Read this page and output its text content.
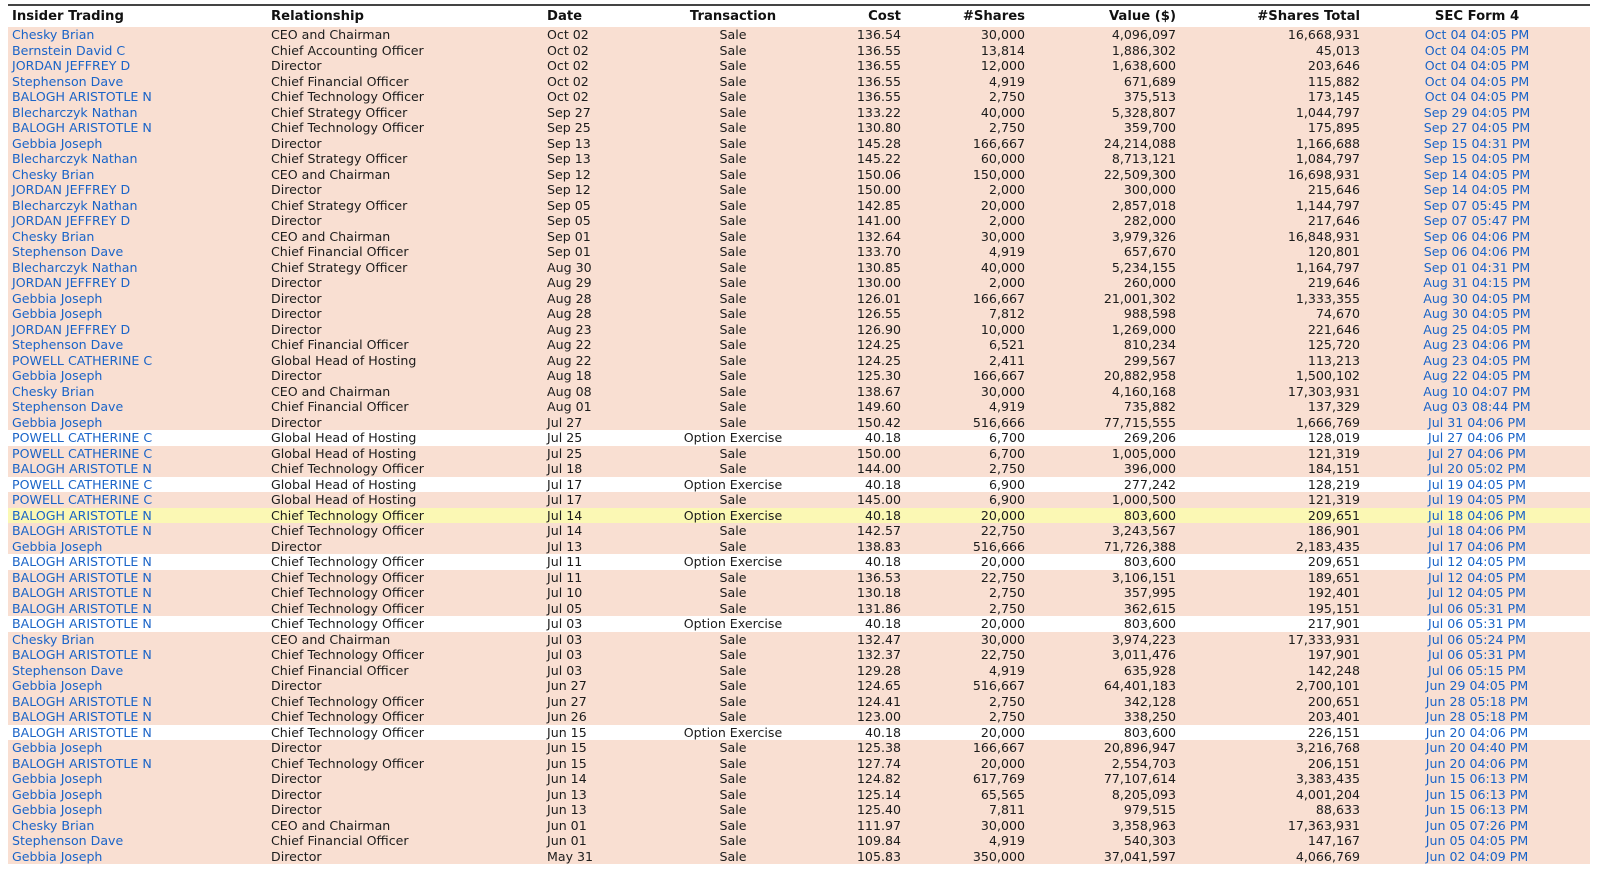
Insider Trading	Relationship	Date	Transaction	Cost	#Shares	Value ($)	#Shares Total	SEC Form 4
Chesky Brian	CEO and Chairman	Oct 02	Sale	136.54	30,000	4,096,097	16,668,931	Oct 04 04:05 PM
Bernstein David C	Chief Accounting Officer	Oct 02	Sale	136.55	13,814	1,886,302	45,013	Oct 04 04:05 PM
JORDAN JEFFREY D	Director	Oct 02	Sale	136.55	12,000	1,638,600	203,646	Oct 04 04:05 PM
Stephenson Dave	Chief Financial Officer	Oct 02	Sale	136.55	4,919	671,689	115,882	Oct 04 04:05 PM
BALOGH ARISTOTLE N	Chief Technology Officer	Oct 02	Sale	136.55	2,750	375,513	173,145	Oct 04 04:05 PM
Blecharczyk Nathan	Chief Strategy Officer	Sep 27	Sale	133.22	40,000	5,328,807	1,044,797	Sep 29 04:05 PM
BALOGH ARISTOTLE N	Chief Technology Officer	Sep 25	Sale	130.80	2,750	359,700	175,895	Sep 27 04:05 PM
Gebbia Joseph	Director	Sep 13	Sale	145.28	166,667	24,214,088	1,166,688	Sep 15 04:31 PM
Blecharczyk Nathan	Chief Strategy Officer	Sep 13	Sale	145.22	60,000	8,713,121	1,084,797	Sep 15 04:05 PM
Chesky Brian	CEO and Chairman	Sep 12	Sale	150.06	150,000	22,509,300	16,698,931	Sep 14 04:05 PM
JORDAN JEFFREY D	Director	Sep 12	Sale	150.00	2,000	300,000	215,646	Sep 14 04:05 PM
Blecharczyk Nathan	Chief Strategy Officer	Sep 05	Sale	142.85	20,000	2,857,018	1,144,797	Sep 07 05:45 PM
JORDAN JEFFREY D	Director	Sep 05	Sale	141.00	2,000	282,000	217,646	Sep 07 05:47 PM
Chesky Brian	CEO and Chairman	Sep 01	Sale	132.64	30,000	3,979,326	16,848,931	Sep 06 04:06 PM
Stephenson Dave	Chief Financial Officer	Sep 01	Sale	133.70	4,919	657,670	120,801	Sep 06 04:06 PM
Blecharczyk Nathan	Chief Strategy Officer	Aug 30	Sale	130.85	40,000	5,234,155	1,164,797	Sep 01 04:31 PM
JORDAN JEFFREY D	Director	Aug 29	Sale	130.00	2,000	260,000	219,646	Aug 31 04:15 PM
Gebbia Joseph	Director	Aug 28	Sale	126.01	166,667	21,001,302	1,333,355	Aug 30 04:05 PM
Gebbia Joseph	Director	Aug 28	Sale	126.55	7,812	988,598	74,670	Aug 30 04:05 PM
JORDAN JEFFREY D	Director	Aug 23	Sale	126.90	10,000	1,269,000	221,646	Aug 25 04:05 PM
Stephenson Dave	Chief Financial Officer	Aug 22	Sale	124.25	6,521	810,234	125,720	Aug 23 04:06 PM
POWELL CATHERINE C	Global Head of Hosting	Aug 22	Sale	124.25	2,411	299,567	113,213	Aug 23 04:05 PM
Gebbia Joseph	Director	Aug 18	Sale	125.30	166,667	20,882,958	1,500,102	Aug 22 04:05 PM
Chesky Brian	CEO and Chairman	Aug 08	Sale	138.67	30,000	4,160,168	17,303,931	Aug 10 04:07 PM
Stephenson Dave	Chief Financial Officer	Aug 01	Sale	149.60	4,919	735,882	137,329	Aug 03 08:44 PM
Gebbia Joseph	Director	Jul 27	Sale	150.42	516,666	77,715,555	1,666,769	Jul 31 04:06 PM
POWELL CATHERINE C	Global Head of Hosting	Jul 25	Option Exercise	40.18	6,700	269,206	128,019	Jul 27 04:06 PM
POWELL CATHERINE C	Global Head of Hosting	Jul 25	Sale	150.00	6,700	1,005,000	121,319	Jul 27 04:06 PM
BALOGH ARISTOTLE N	Chief Technology Officer	Jul 18	Sale	144.00	2,750	396,000	184,151	Jul 20 05:02 PM
POWELL CATHERINE C	Global Head of Hosting	Jul 17	Option Exercise	40.18	6,900	277,242	128,219	Jul 19 04:05 PM
POWELL CATHERINE C	Global Head of Hosting	Jul 17	Sale	145.00	6,900	1,000,500	121,319	Jul 19 04:05 PM
BALOGH ARISTOTLE N	Chief Technology Officer	Jul 14	Option Exercise	40.18	20,000	803,600	209,651	Jul 18 04:06 PM
BALOGH ARISTOTLE N	Chief Technology Officer	Jul 14	Sale	142.57	22,750	3,243,567	186,901	Jul 18 04:06 PM
Gebbia Joseph	Director	Jul 13	Sale	138.83	516,666	71,726,388	2,183,435	Jul 17 04:06 PM
BALOGH ARISTOTLE N	Chief Technology Officer	Jul 11	Option Exercise	40.18	20,000	803,600	209,651	Jul 12 04:05 PM
BALOGH ARISTOTLE N	Chief Technology Officer	Jul 11	Sale	136.53	22,750	3,106,151	189,651	Jul 12 04:05 PM
BALOGH ARISTOTLE N	Chief Technology Officer	Jul 10	Sale	130.18	2,750	357,995	192,401	Jul 12 04:05 PM
BALOGH ARISTOTLE N	Chief Technology Officer	Jul 05	Sale	131.86	2,750	362,615	195,151	Jul 06 05:31 PM
BALOGH ARISTOTLE N	Chief Technology Officer	Jul 03	Option Exercise	40.18	20,000	803,600	217,901	Jul 06 05:31 PM
Chesky Brian	CEO and Chairman	Jul 03	Sale	132.47	30,000	3,974,223	17,333,931	Jul 06 05:24 PM
BALOGH ARISTOTLE N	Chief Technology Officer	Jul 03	Sale	132.37	22,750	3,011,476	197,901	Jul 06 05:31 PM
Stephenson Dave	Chief Financial Officer	Jul 03	Sale	129.28	4,919	635,928	142,248	Jul 06 05:15 PM
Gebbia Joseph	Director	Jun 27	Sale	124.65	516,667	64,401,183	2,700,101	Jun 29 04:05 PM
BALOGH ARISTOTLE N	Chief Technology Officer	Jun 27	Sale	124.41	2,750	342,128	200,651	Jun 28 05:18 PM
BALOGH ARISTOTLE N	Chief Technology Officer	Jun 26	Sale	123.00	2,750	338,250	203,401	Jun 28 05:18 PM
BALOGH ARISTOTLE N	Chief Technology Officer	Jun 15	Option Exercise	40.18	20,000	803,600	226,151	Jun 20 04:06 PM
Gebbia Joseph	Director	Jun 15	Sale	125.38	166,667	20,896,947	3,216,768	Jun 20 04:40 PM
BALOGH ARISTOTLE N	Chief Technology Officer	Jun 15	Sale	127.74	20,000	2,554,703	206,151	Jun 20 04:06 PM
Gebbia Joseph	Director	Jun 14	Sale	124.82	617,769	77,107,614	3,383,435	Jun 15 06:13 PM
Gebbia Joseph	Director	Jun 13	Sale	125.14	65,565	8,205,093	4,001,204	Jun 15 06:13 PM
Gebbia Joseph	Director	Jun 13	Sale	125.40	7,811	979,515	88,633	Jun 15 06:13 PM
Chesky Brian	CEO and Chairman	Jun 01	Sale	111.97	30,000	3,358,963	17,363,931	Jun 05 07:26 PM
Stephenson Dave	Chief Financial Officer	Jun 01	Sale	109.84	4,919	540,303	147,167	Jun 05 04:05 PM
Gebbia Joseph	Director	May 31	Sale	105.83	350,000	37,041,597	4,066,769	Jun 02 04:09 PM
